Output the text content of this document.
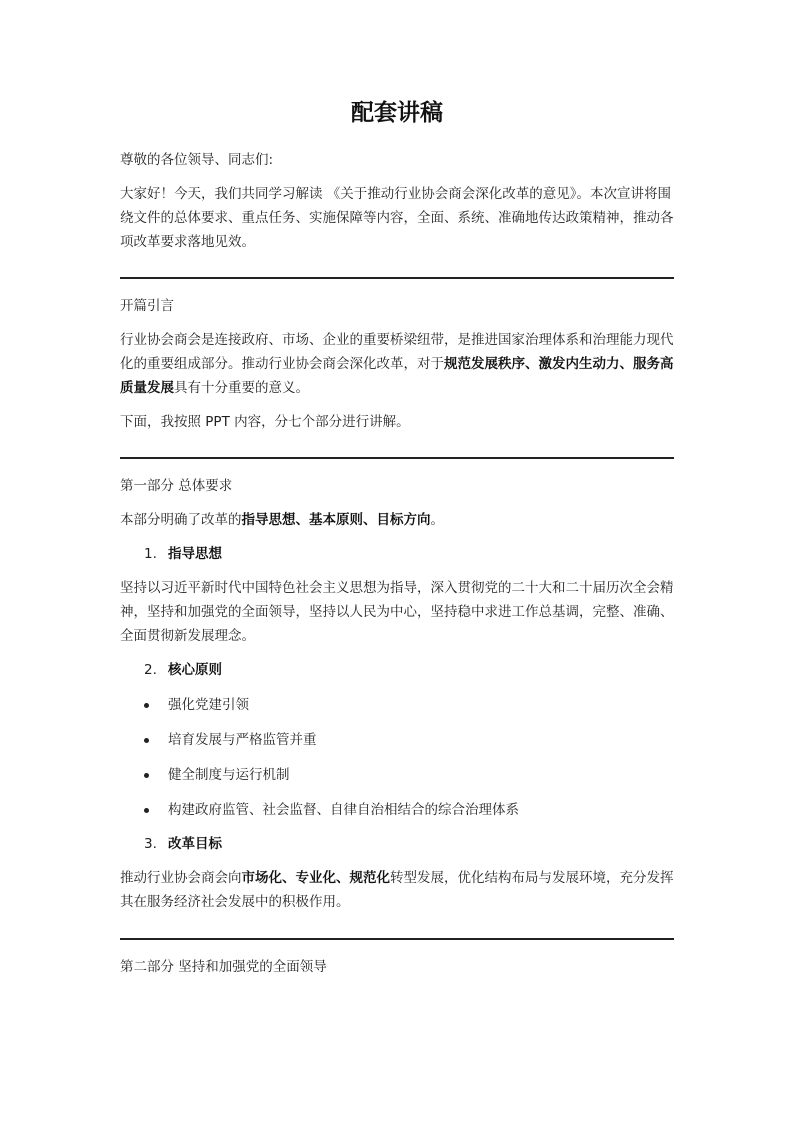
配套讲稿

尊敬的各位领导、同志们:

大家好！今天，我们共同学习解读 《关于推动行业协会商会深化改革的意见》。本次宣讲将围绕文件的总体要求、重点任务、实施保障等内容，全面、系统、准确地传达政策精神，推动各项改革要求落地见效。

开篇引言

行业协会商会是连接政府、市场、企业的重要桥梁纽带，是推进国家治理体系和治理能力现代化的重要组成部分。推动行业协会商会深化改革，对于规范发展秩序、激发内生动力、服务高质量发展具有十分重要的意义。

下面，我按照 PPT 内容，分七个部分进行讲解。

第一部分 总体要求

本部分明确了改革的指导思想、基本原则、目标方向。

1. 指导思想

坚持以习近平新时代中国特色社会主义思想为指导，深入贯彻党的二十大和二十届历次全会精神，坚持和加强党的全面领导，坚持以人民为中心，坚持稳中求进工作总基调，完整、准确、全面贯彻新发展理念。

2. 核心原则
强化党建引领
培育发展与严格监管并重
健全制度与运行机制
构建政府监管、社会监督、自律自治相结合的综合治理体系
3. 改革目标

推动行业协会商会向市场化、专业化、规范化转型发展，优化结构布局与发展环境，充分发挥其在服务经济社会发展中的积极作用。

第二部分 坚持和加强党的全面领导
